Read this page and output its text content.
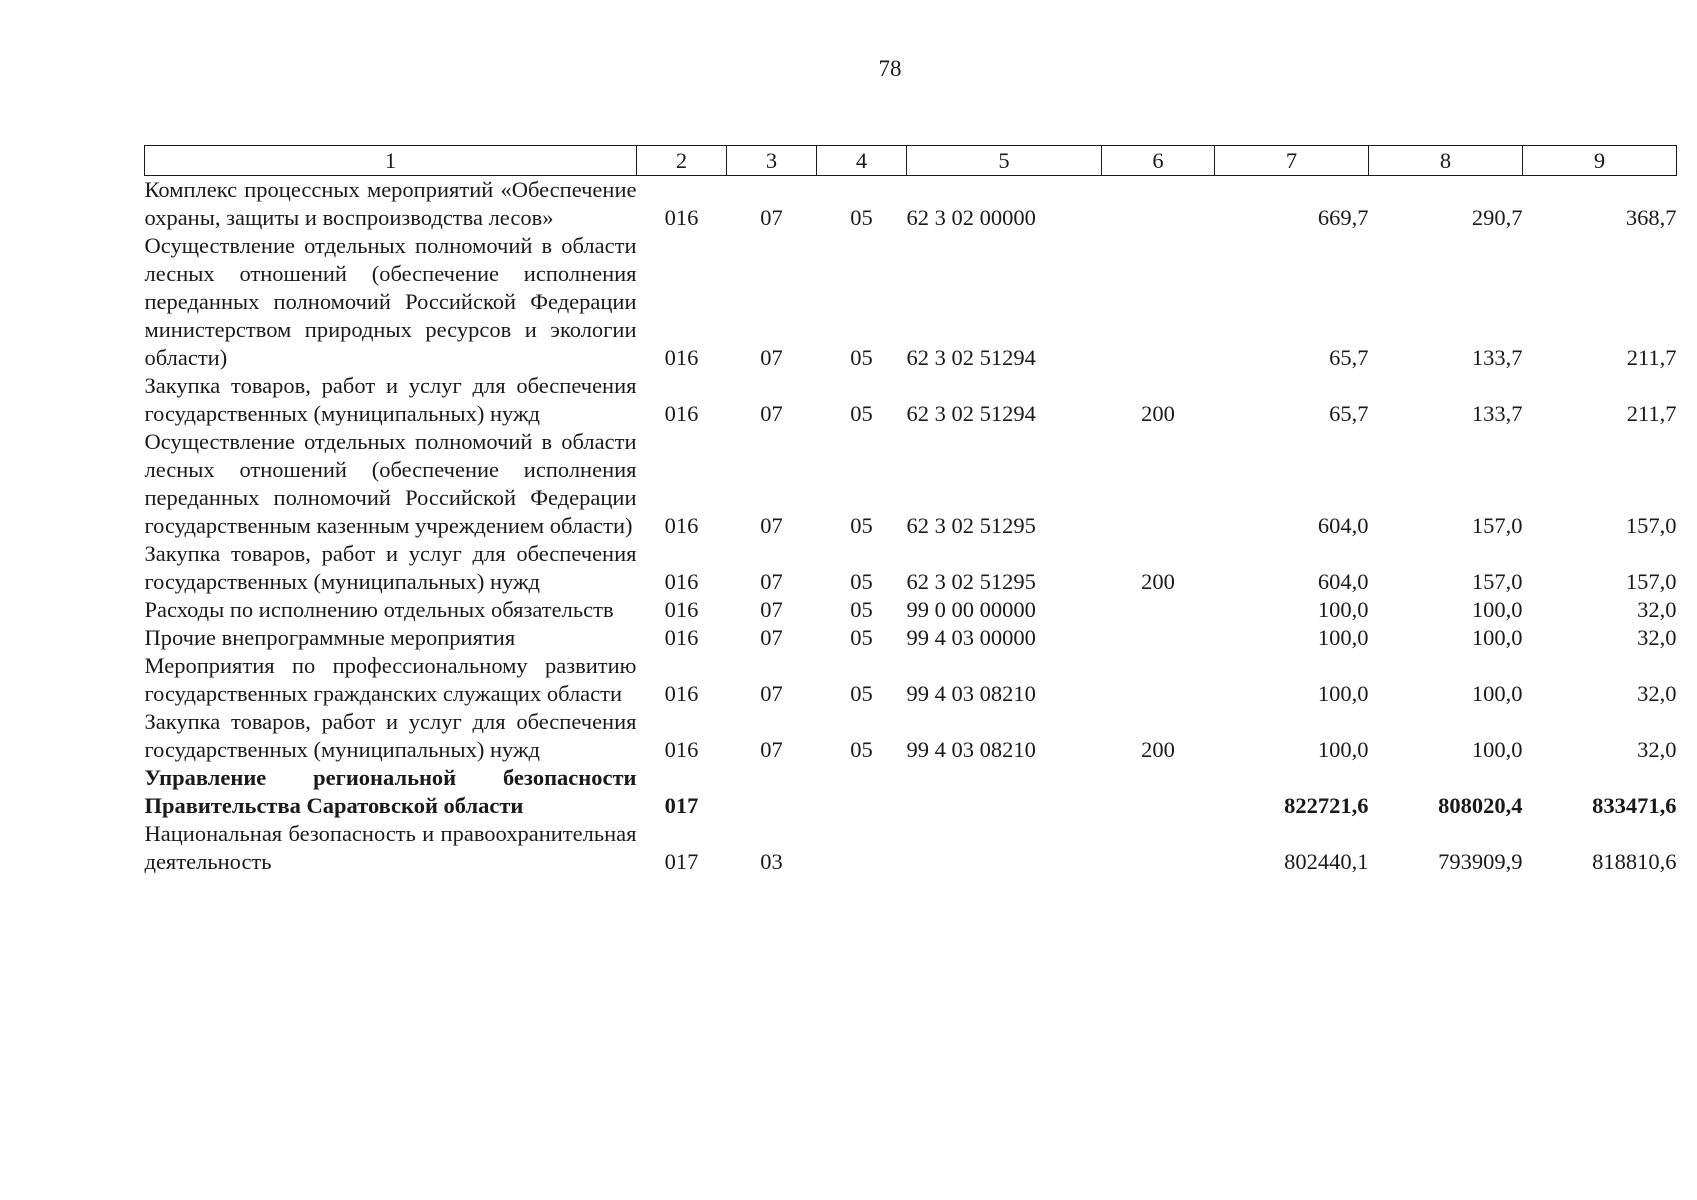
78
1	2	3	4	5	6	7	8	9
Комплекс процессных мероприятий «Обеспечение охраны, защиты и воспроизводства лесов»	016	07	05	62 3 02 00000		669,7	290,7	368,7
Осуществление отдельных полномочий в области лесных отношений (обеспечение исполнения переданных полномочий Российской Федерации министерством природных ресурсов и экологии области)	016	07	05	62 3 02 51294		65,7	133,7	211,7
Закупка товаров, работ и услуг для обеспечения государственных (муниципальных) нужд	016	07	05	62 3 02 51294	200	65,7	133,7	211,7
Осуществление отдельных полномочий в области лесных отношений (обеспечение исполнения переданных полномочий Российской Федерации государственным казенным учреждением области)	016	07	05	62 3 02 51295		604,0	157,0	157,0
Закупка товаров, работ и услуг для обеспечения государственных (муниципальных) нужд	016	07	05	62 3 02 51295	200	604,0	157,0	157,0
Расходы по исполнению отдельных обязательств	016	07	05	99 0 00 00000		100,0	100,0	32,0
Прочие внепрограммные мероприятия	016	07	05	99 4 03 00000		100,0	100,0	32,0
Мероприятия по профессиональному развитию государственных гражданских служащих области	016	07	05	99 4 03 08210		100,0	100,0	32,0
Закупка товаров, работ и услуг для обеспечения государственных (муниципальных) нужд	016	07	05	99 4 03 08210	200	100,0	100,0	32,0
Управление региональной безопасности Правительства Саратовской области	017					822721,6	808020,4	833471,6
Национальная безопасность и правоохранительная деятельность	017	03				802440,1	793909,9	818810,6
